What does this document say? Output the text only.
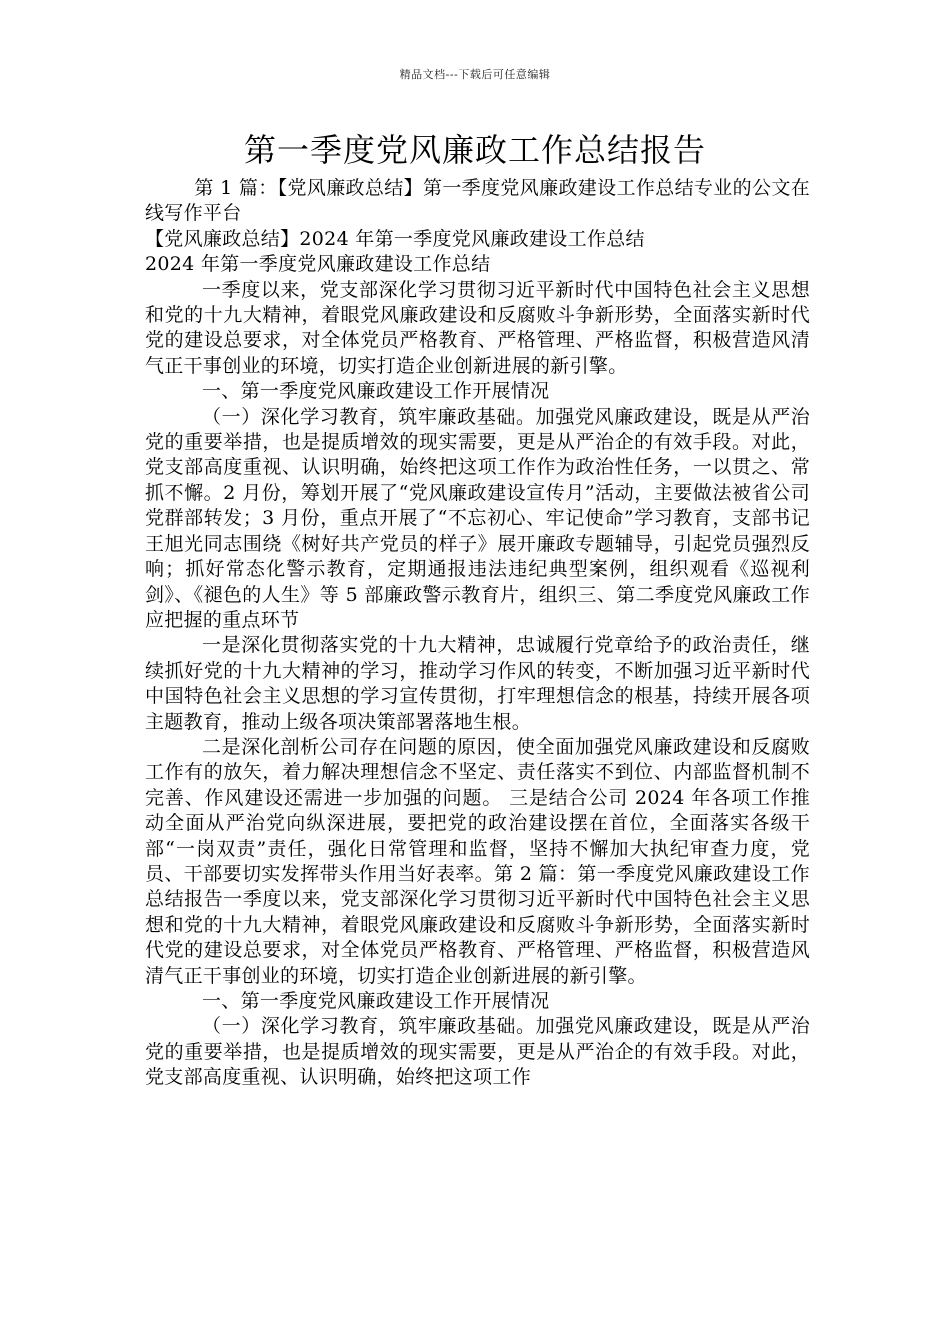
精品文档---下载后可任意编辑
第一季度党风廉政工作总结报告

第 1 篇：【党风廉政总结】第一季度党风廉政建设工作总结专业的公文在线写作平台

【党风廉政总结】2024 年第一季度党风廉政建设工作总结

2024 年第一季度党风廉政建设工作总结

一季度以来，党支部深化学习贯彻习近平新时代中国特色社会主义思想和党的十九大精神，着眼党风廉政建设和反腐败斗争新形势，全面落实新时代党的建设总要求，对全体党员严格教育、严格管理、严格监督，积极营造风清气正干事创业的环境，切实打造企业创新进展的新引擎。

一、第一季度党风廉政建设工作开展情况

（一）深化学习教育，筑牢廉政基础。加强党风廉政建设，既是从严治党的重要举措，也是提质增效的现实需要，更是从严治企的有效手段。对此，党支部高度重视、认识明确，始终把这项工作作为政治性任务，一以贯之、常抓不懈。2 月份，筹划开展了“党风廉政建设宣传月”活动，主要做法被省公司党群部转发；3 月份，重点开展了“不忘初心、牢记使命”学习教育，支部书记王旭光同志围绕《树好共产党员的样子》展开廉政专题辅导，引起党员强烈反响；抓好常态化警示教育，定期通报违法违纪典型案例，组织观看《巡视利剑》、《褪色的人生》等 5 部廉政警示教育片，组织三、第二季度党风廉政工作应把握的重点环节

一是深化贯彻落实党的十九大精神，忠诚履行党章给予的政治责任，继续抓好党的十九大精神的学习，推动学习作风的转变，不断加强习近平新时代中国特色社会主义思想的学习宣传贯彻，打牢理想信念的根基，持续开展各项主题教育，推动上级各项决策部署落地生根。

二是深化剖析公司存在问题的原因，使全面加强党风廉政建设和反腐败工作有的放矢，着力解决理想信念不坚定、责任落实不到位、内部监督机制不完善、作风建设还需进一步加强的问题。 三是结合公司 2024 年各项工作推动全面从严治党向纵深进展，要把党的政治建设摆在首位，全面落实各级干部“一岗双责”责任，强化日常管理和监督，坚持不懈加大执纪审查力度，党员、干部要切实发挥带头作用当好表率。第 2 篇：第一季度党风廉政建设工作总结报告一季度以来，党支部深化学习贯彻习近平新时代中国特色社会主义思想和党的十九大精神，着眼党风廉政建设和反腐败斗争新形势，全面落实新时代党的建设总要求，对全体党员严格教育、严格管理、严格监督，积极营造风清气正干事创业的环境，切实打造企业创新进展的新引擎。

一、第一季度党风廉政建设工作开展情况

（一）深化学习教育，筑牢廉政基础。加强党风廉政建设，既是从严治党的重要举措，也是提质增效的现实需要，更是从严治企的有效手段。对此，党支部高度重视、认识明确，始终把这项工作
